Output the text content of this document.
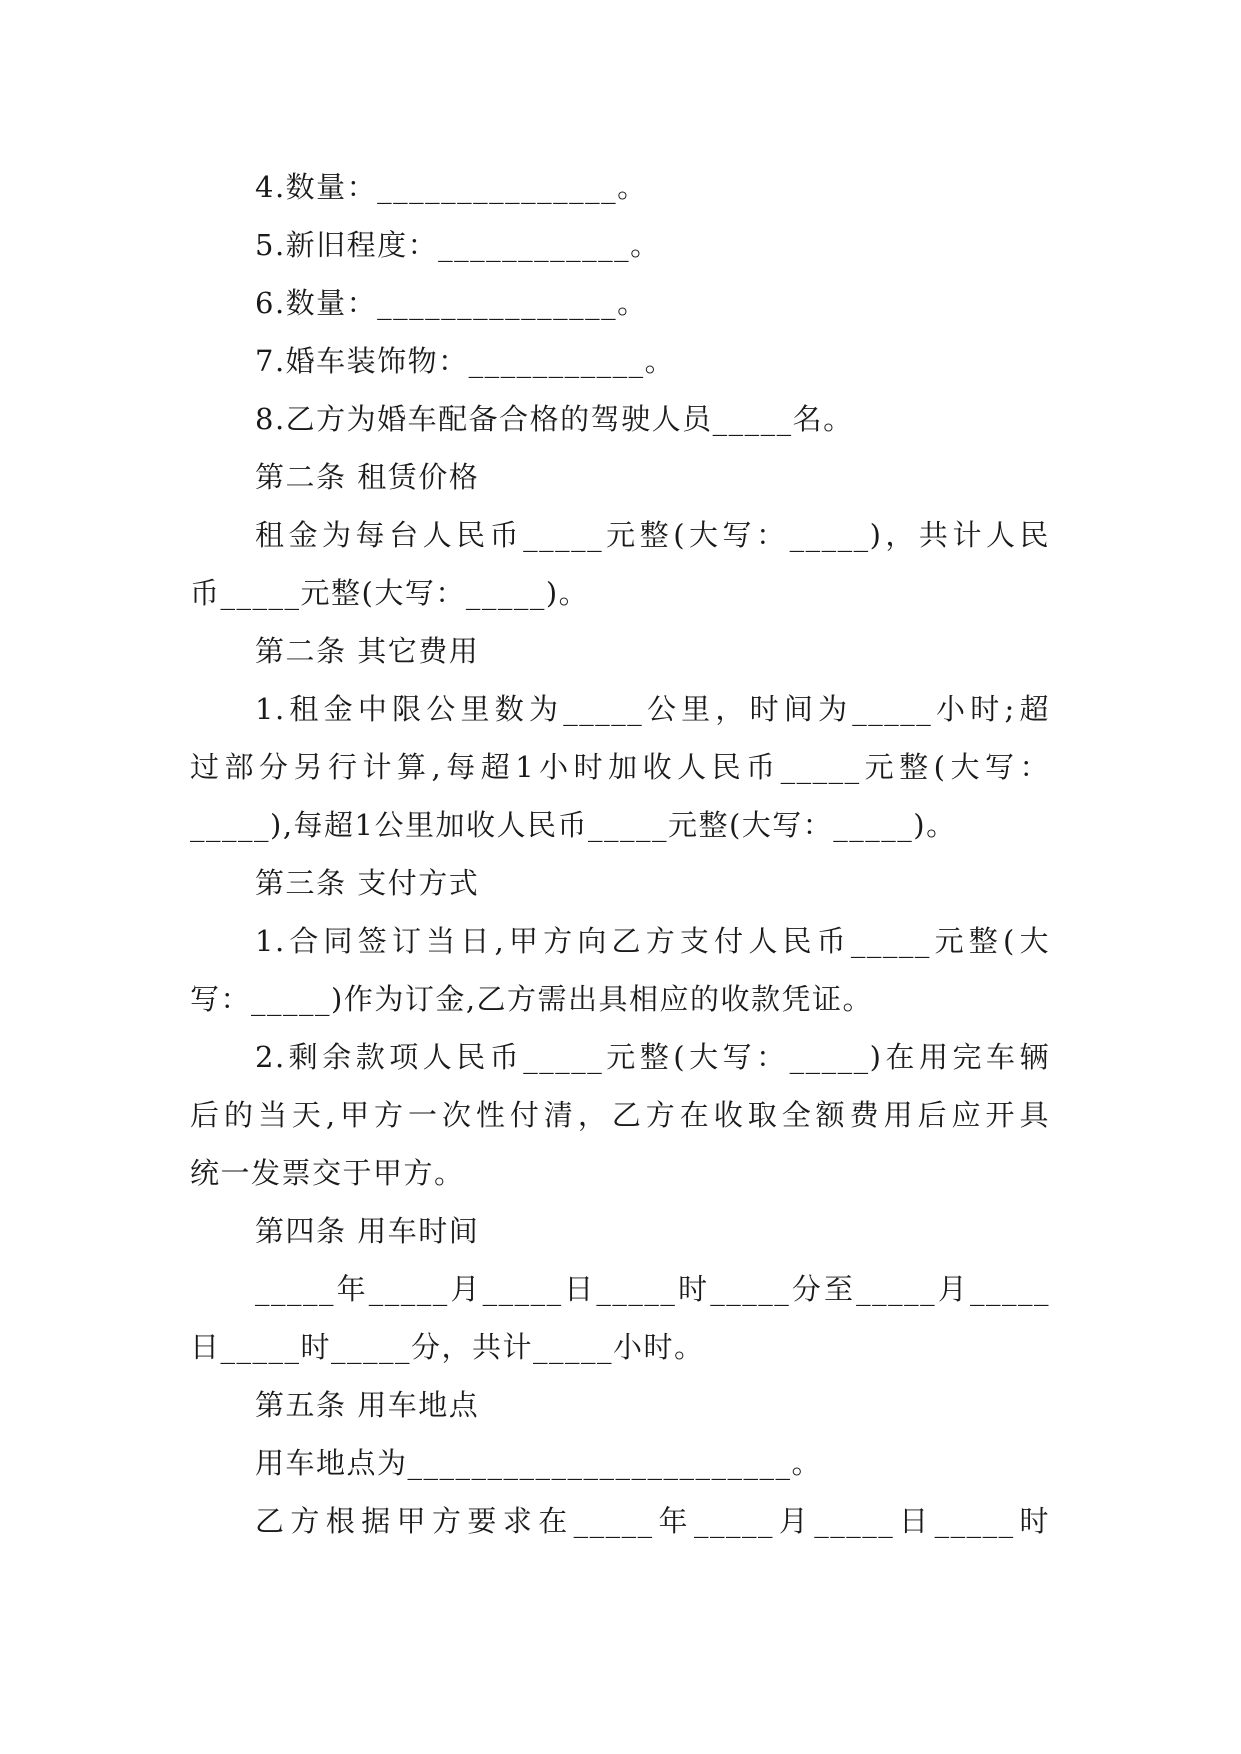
4.数量：_______________。
5.新旧程度：____________。
6.数量：_______________。
7.婚车装饰物：___________。
8.乙方为婚车配备合格的驾驶人员_____名。
第二条 租赁价格
租金为每台人民币_____元整(大写：_____)，共计人民
币_____元整(大写：_____)。
第二条 其它费用
1.租金中限公里数为_____公里，时间为_____小时;超
过部分另行计算,每超1小时加收人民币_____元整(大写：
_____),每超1公里加收人民币_____元整(大写：_____)。
第三条 支付方式
1.合同签订当日,甲方向乙方支付人民币_____元整(大
写：_____)作为订金,乙方需出具相应的收款凭证。
2.剩余款项人民币_____元整(大写：_____)在用完车辆
后的当天,甲方一次性付清，乙方在收取全额费用后应开具
统一发票交于甲方。
第四条 用车时间
_____年_____月_____日_____时_____分至_____月_____
日_____时_____分，共计_____小时。
第五条 用车地点
用车地点为________________________。
乙方根据甲方要求在_____年_____月_____日_____时
